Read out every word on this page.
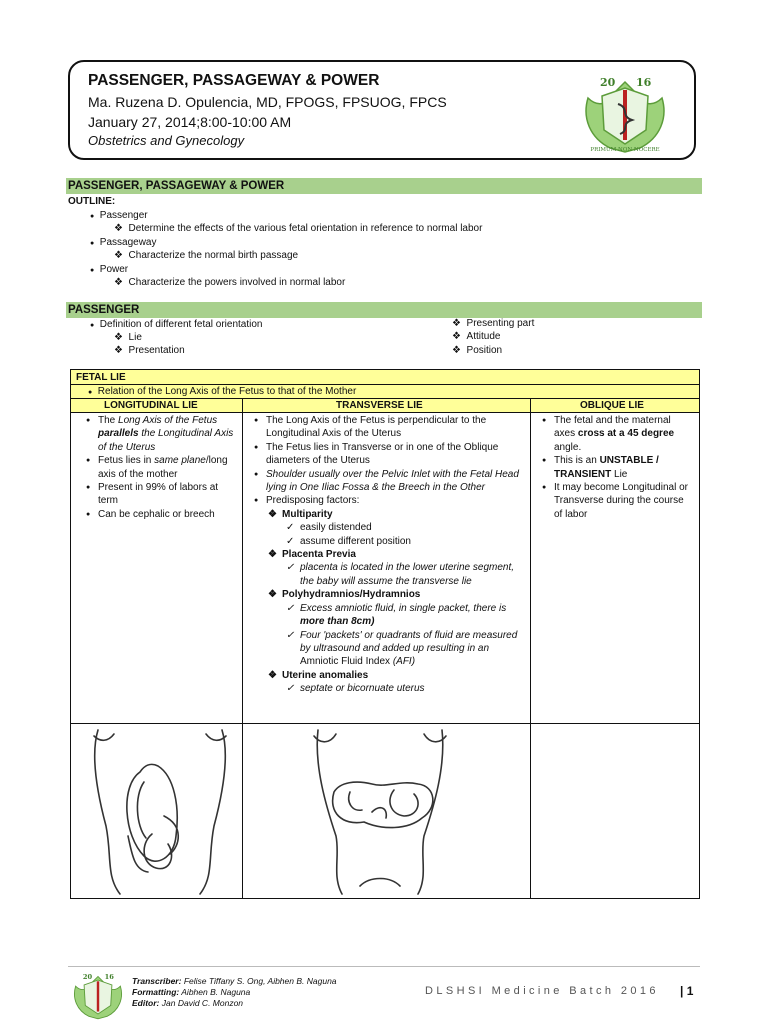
PASSENGER, PASSAGEWAY & POWER
Ma. Ruzena D. Opulencia, MD, FPOGS, FPSUOG, FPCS
January 27, 2014;8:00-10:00 AM
Obstetrics and Gynecology
20 16
PRIMUM NON NOCERE
PASSENGER, PASSAGEWAY & POWER
OUTLINE:
● Passenger
❖  Determine the effects of the various fetal orientation in reference to normal labor
● Passageway
❖  Characterize the normal birth passage
● Power
❖  Characterize the powers involved in normal labor
PASSENGER
● Definition of different fetal orientation
❖  Lie
❖  Presentation
❖  Presenting part
❖  Attitude
❖  Position
FETAL LIE
● Relation of the Long Axis of the Fetus to that of the Mother
LONGITUDINAL LIE	TRANSVERSE LIE	OBLIQUE LIE
● The Long Axis of the Fetus parallels the Longitudinal Axis of the Uterus
● Fetus lies in same plane/long axis of the mother
● Present in 99% of labors at term
● Can be cephalic or breech
● The Long Axis of the Fetus is perpendicular to the Longitudinal Axis of the Uterus
● The Fetus lies in Transverse or in one of the Oblique diameters of the Uterus
● Shoulder usually over the Pelvic Inlet with the Fetal Head lying in One Iliac Fossa & the Breech in the Other
● Predisposing factors:
❖ Multiparity
✓ easily distended
✓ assume different position
❖ Placenta Previa
✓ placenta is located in the lower uterine segment, the baby will assume the transverse lie
❖ Polyhydramnios/Hydramnios
✓ Excess amniotic fluid, in single packet, there is more than 8cm)
✓ Four 'packets' or quadrants of fluid are measured by ultrasound and added up resulting in an Amniotic Fluid Index (AFI)
❖ Uterine anomalies
✓ septate or bicornuate uterus
● The fetal and the maternal axes cross at a 45 degree angle.
● This is an UNSTABLE / TRANSIENT Lie
● It may become Longitudinal or Transverse during the course of labor
20 16 Transcriber: Felise Tiffany S. Ong, Aibhen B. Naguna
Formatting: Aibhen B. Naguna
Editor: Jan David C. Monzon
DLSHSI Medicine Batch 2016 | 1
